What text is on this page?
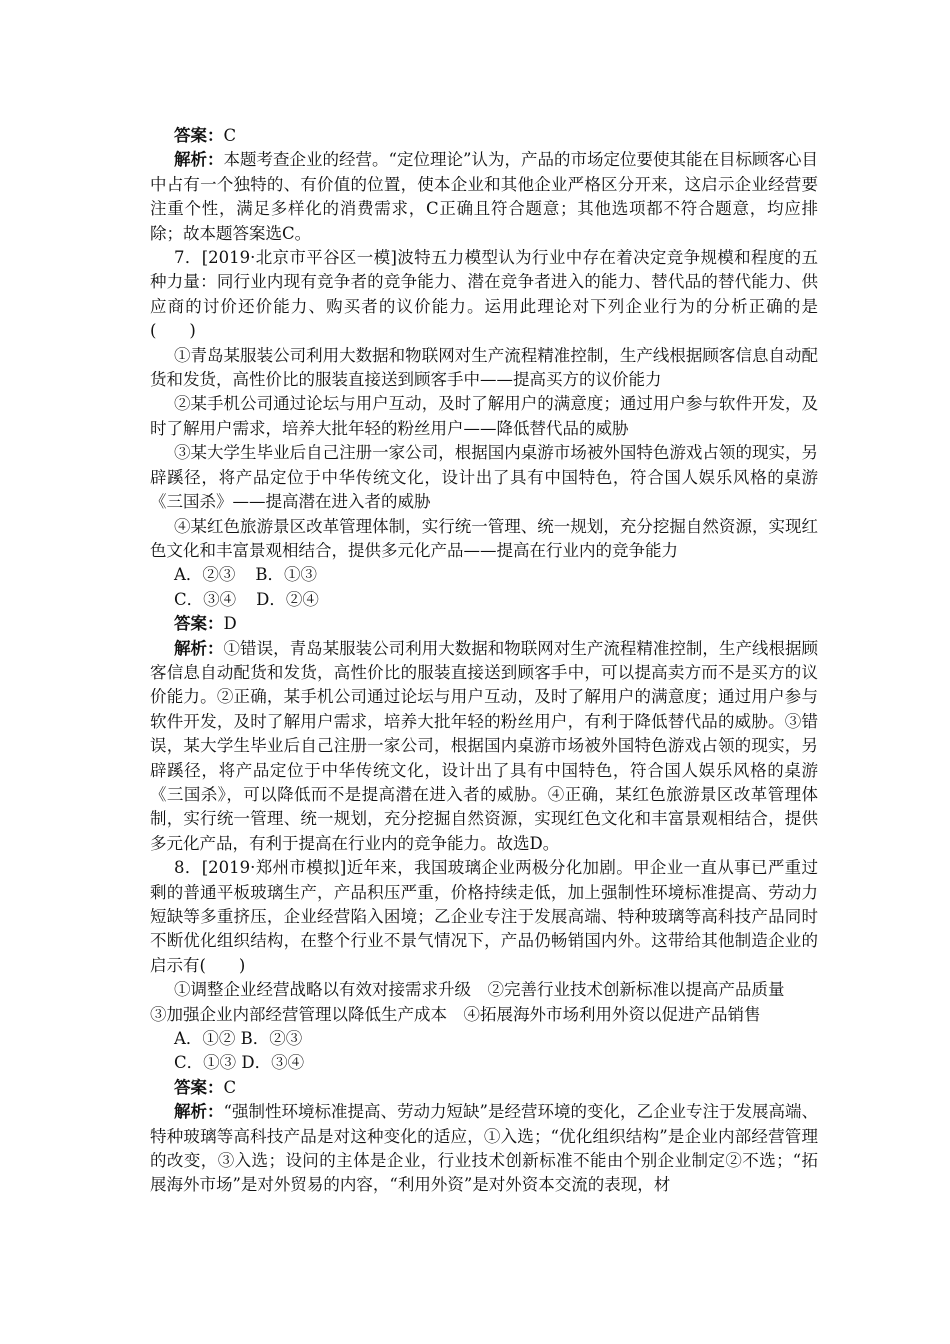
答案：C

解析：本题考查企业的经营。“定位理论”认为，产品的市场定位要使其能在目标顾客心目中占有一个独特的、有价值的位置，使本企业和其他企业严格区分开来，这启示企业经营要注重个性，满足多样化的消费需求，C正确且符合题意；其他选项都不符合题意，均应排除；故本题答案选C。

7．[2019·北京市平谷区一模]波特五力模型认为行业中存在着决定竞争规模和程度的五种力量：同行业内现有竞争者的竞争能力、潜在竞争者进入的能力、替代品的替代能力、供应商的讨价还价能力、购买者的议价能力。运用此理论对下列企业行为的分析正确的是(　　)

①青岛某服装公司利用大数据和物联网对生产流程精准控制，生产线根据顾客信息自动配货和发货，高性价比的服装直接送到顾客手中——提高买方的议价能力

②某手机公司通过论坛与用户互动，及时了解用户的满意度；通过用户参与软件开发，及时了解用户需求，培养大批年轻的粉丝用户——降低替代品的威胁

③某大学生毕业后自己注册一家公司，根据国内桌游市场被外国特色游戏占领的现实，另辟蹊径，将产品定位于中华传统文化，设计出了具有中国特色，符合国人娱乐风格的桌游《三国杀》——提高潜在进入者的威胁

④某红色旅游景区改革管理体制，实行统一管理、统一规划，充分挖掘自然资源，实现红色文化和丰富景观相结合，提供多元化产品——提高在行业内的竞争能力

A．②③ B．①③

C．③④ D．②④

答案：D

解析：①错误，青岛某服装公司利用大数据和物联网对生产流程精准控制，生产线根据顾客信息自动配货和发货，高性价比的服装直接送到顾客手中，可以提高卖方而不是买方的议价能力。②正确，某手机公司通过论坛与用户互动，及时了解用户的满意度；通过用户参与软件开发，及时了解用户需求，培养大批年轻的粉丝用户，有利于降低替代品的威胁。③错误，某大学生毕业后自己注册一家公司，根据国内桌游市场被外国特色游戏占领的现实，另辟蹊径，将产品定位于中华传统文化，设计出了具有中国特色，符合国人娱乐风格的桌游《三国杀》，可以降低而不是提高潜在进入者的威胁。④正确，某红色旅游景区改革管理体制，实行统一管理、统一规划，充分挖掘自然资源，实现红色文化和丰富景观相结合，提供多元化产品，有利于提高在行业内的竞争能力。故选D。

8．[2019·郑州市模拟]近年来，我国玻璃企业两极分化加剧。甲企业一直从事已严重过剩的普通平板玻璃生产，产品积压严重，价格持续走低，加上强制性环境标准提高、劳动力短缺等多重挤压，企业经营陷入困境；乙企业专注于发展高端、特种玻璃等高科技产品同时不断优化组织结构，在整个行业不景气情况下，产品仍畅销国内外。这带给其他制造企业的启示有(　　)

①调整企业经营战略以有效对接需求升级　②完善行业技术创新标准以提高产品质量

③加强企业内部经营管理以降低生产成本　④拓展海外市场利用外资以促进产品销售

A．①② B．②③

C．①③ D．③④

答案：C

解析：“强制性环境标准提高、劳动力短缺”是经营环境的变化，乙企业专注于发展高端、特种玻璃等高科技产品是对这种变化的适应，①入选；“优化组织结构”是企业内部经营管理的改变，③入选；设问的主体是企业，行业技术创新标准不能由个别企业制定②不选；“拓展海外市场”是对外贸易的内容，“利用外资”是对外资本交流的表现，材
